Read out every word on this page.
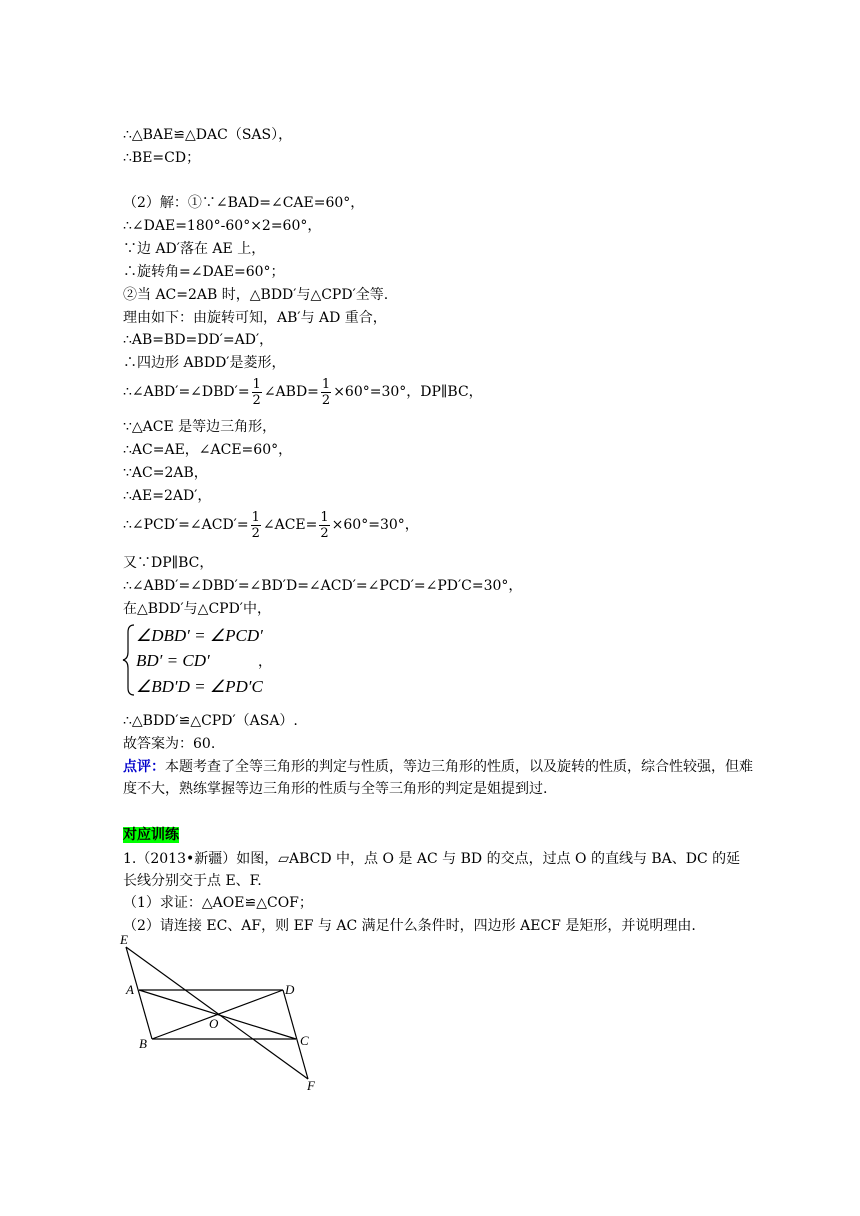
∴△BAE≌△DAC（SAS），
∴BE=CD；
（2）解：①∵∠BAD=∠CAE=60°，
∴∠DAE=180°-60°×2=60°，
∵边 AD′落在 AE 上，
∴旋转角=∠DAE=60°；
②当 AC=2AB 时，△BDD′与△CPD′全等.
理由如下：由旋转可知，AB′与 AD 重合，
∴AB=BD=DD′=AD′，
∴四边形 ABDD′是菱形，
∴∠ABD′=∠DBD′= $\frac{1}{2}$ ∠ABD= $\frac{1}{2} \times 60^\circ=30^\circ$，DP∥BC，
∵△ACE 是等边三角形，
∴AC=AE，∠ACE=60°，
∵AC=2AB，
∴AE=2AD′，
∴∠PCD′=∠ACD′= $\frac{1}{2}$ ∠ACE= $\frac{1}{2} \times 60^\circ=30^\circ$，
又∵DP∥BC，
∴∠ABD′=∠DBD′=∠BD′D=∠ACD′=∠PCD′=∠PD′C=30°，
在△BDD′与△CPD′中，
∠DBD′ = ∠PCD′
BD′ = CD′
∠BD′D = ∠PD′C
，
∴△BDD′≌△CPD′（ASA）.
故答案为：60.
点评：本题考查了全等三角形的判定与性质，等边三角形的性质，以及旋转的性质，综合性较强，但难度不大，熟练掌握等边三角形的性质与全等三角形的判定是姐提到过.
对应训练
1.（2013•新疆）如图，▱ABCD 中，点 O 是 AC 与 BD 的交点，过点 O 的直线与 BA、DC 的延长线分别交于点 E、F.
（1）求证：△AOE≌△COF；
（2）请连接 EC、AF，则 EF 与 AC 满足什么条件时，四边形 AECF 是矩形，并说明理由.
E
A	D
O
B	C
F
